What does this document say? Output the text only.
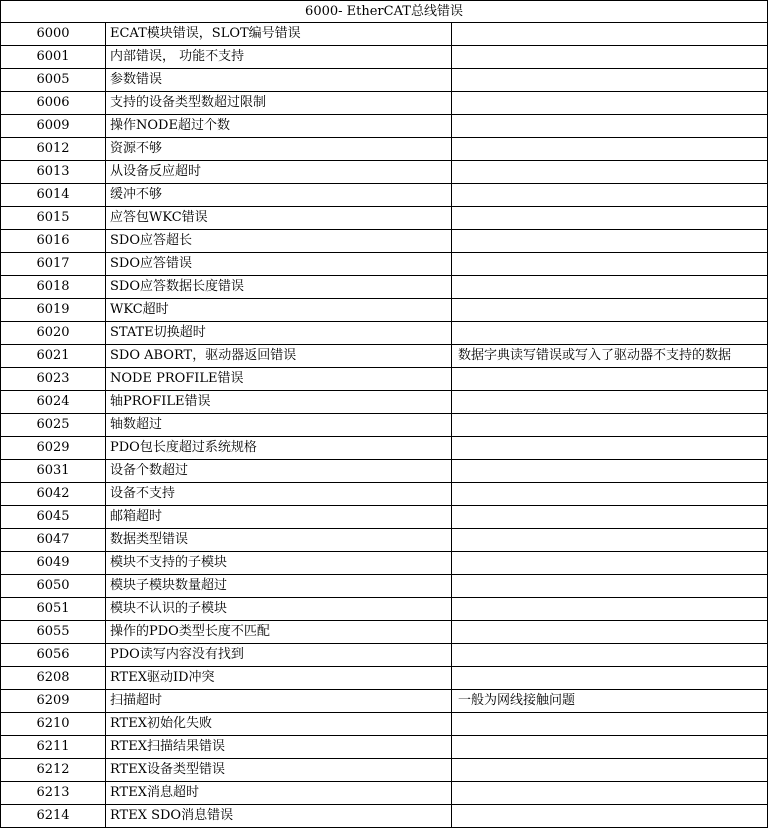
6000- EtherCAT总线错误		
6000	ECAT模块错误，SLOT编号错误	
6001	内部错误， 功能不支持	
6005	参数错误	
6006	支持的设备类型数超过限制	
6009	操作NODE超过个数	
6012	资源不够	
6013	从设备反应超时	
6014	缓冲不够	
6015	应答包WKC错误	
6016	SDO应答超长	
6017	SDO应答错误	
6018	SDO应答数据长度错误	
6019	WKC超时	
6020	STATE切换超时	
6021	SDO ABORT，驱动器返回错误	数据字典读写错误或写入了驱动器不支持的数据
6023	NODE PROFILE错误	
6024	轴PROFILE错误	
6025	轴数超过	
6029	PDO包长度超过系统规格	
6031	设备个数超过	
6042	设备不支持	
6045	邮箱超时	
6047	数据类型错误	
6049	模块不支持的子模块	
6050	模块子模块数量超过	
6051	模块不认识的子模块	
6055	操作的PDO类型长度不匹配	
6056	PDO读写内容没有找到	
6208	RTEX驱动ID冲突	
6209	扫描超时	一般为网线接触问题
6210	RTEX初始化失败	
6211	RTEX扫描结果错误	
6212	RTEX设备类型错误	
6213	RTEX消息超时	
6214	RTEX SDO消息错误	
